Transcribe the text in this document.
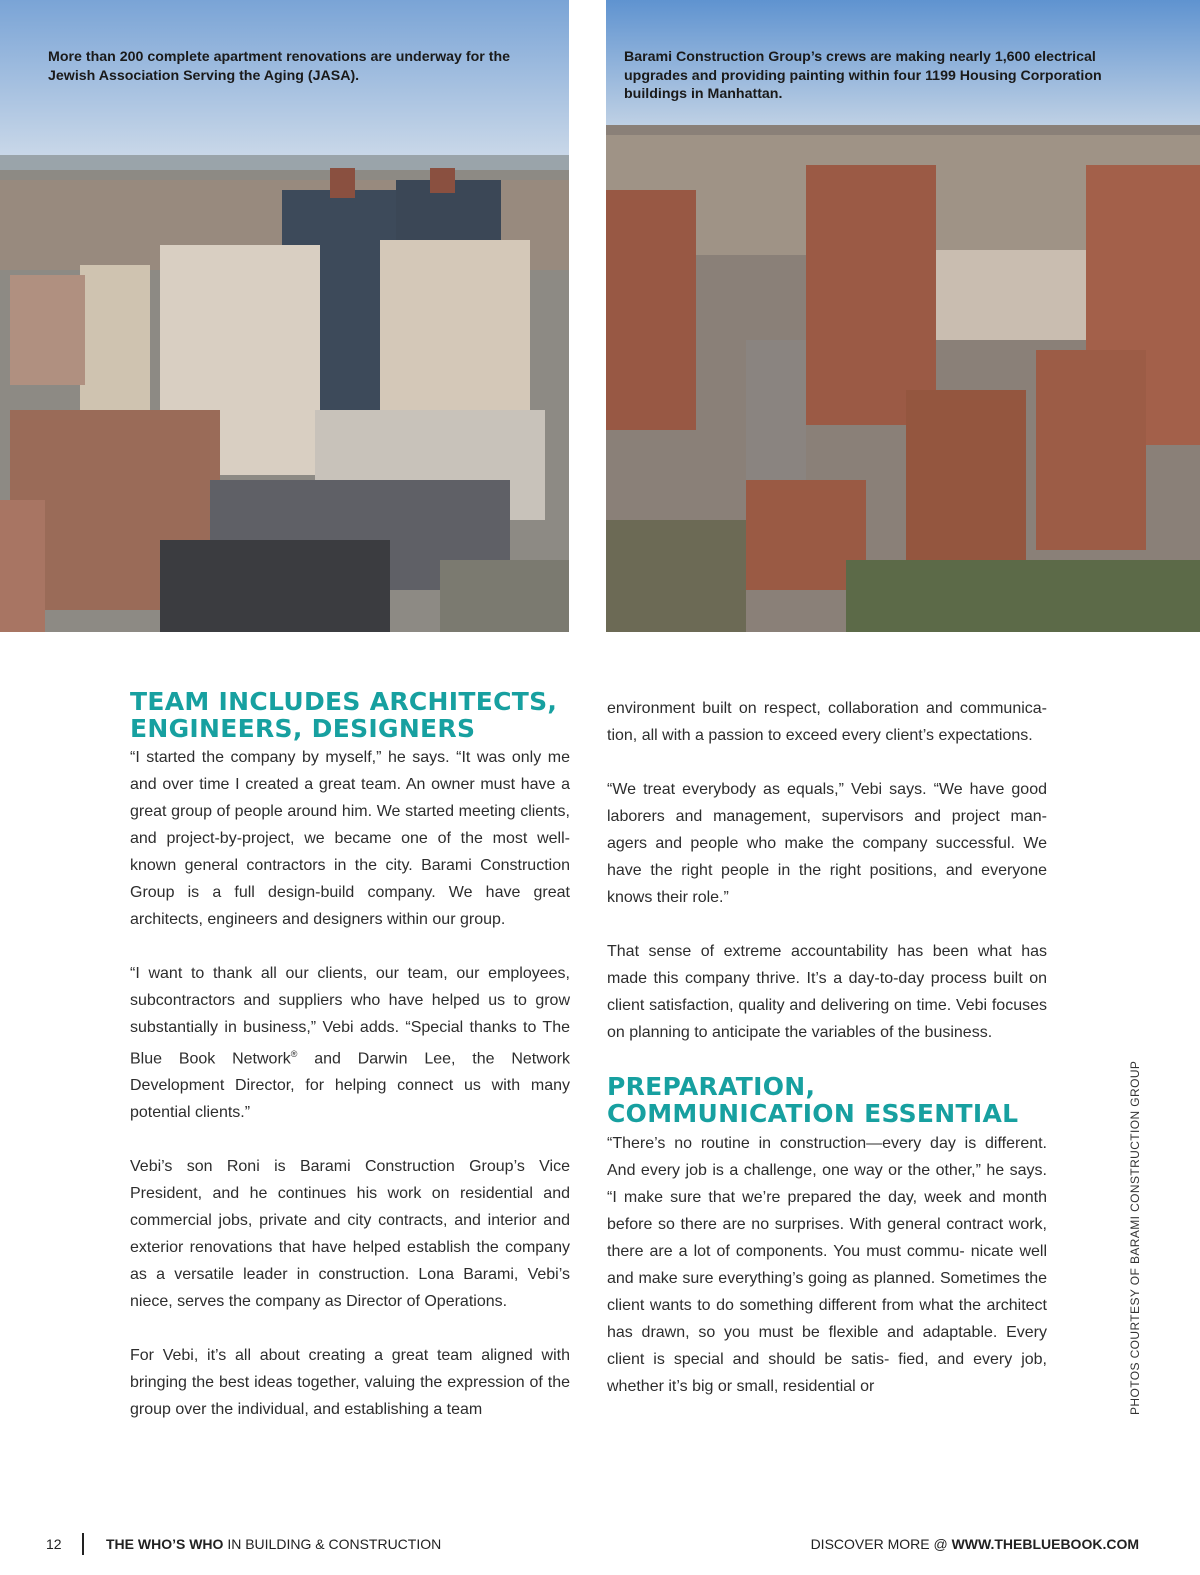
More than 200 complete apartment renovations are underway for the Jewish Association Serving the Aging (JASA).
Barami Construction Group’s crews are making nearly 1,600 electrical upgrades and providing painting within four 1199 Housing Corporation buildings in Manhattan.
TEAM INCLUDES ARCHITECTS,
ENGINEERS, DESIGNERS

“I started the company by myself,” he says. “It was only me and over time I created a great team. An owner must have a great group of people around him. We started meeting clients, and project-by-project, we became one of the most well-known general contractors in the city. Barami Construction Group is a full design-build company. We have great architects, engineers and designers within our group.

“I want to thank all our clients, our team, our employees, subcontractors and suppliers who have helped us to grow substantially in business,” Vebi adds. “Special thanks to The Blue Book Network® and Darwin Lee, the Network Development Director, for helping connect us with many potential clients.”

Vebi’s son Roni is Barami Construction Group’s Vice President, and he continues his work on residential and commercial jobs, private and city contracts, and interior and exterior renovations that have helped establish the company as a versatile leader in construction. Lona Barami, Vebi’s niece, serves the company as Director of Operations.

For Vebi, it’s all about creating a great team aligned with bringing the best ideas together, valuing the expression of the group over the individual, and establishing a team

environment built on respect, collaboration and communica- tion, all with a passion to exceed every client’s expectations.

“We treat everybody as equals,” Vebi says. “We have good laborers and management, supervisors and project man- agers and people who make the company successful. We have the right people in the right positions, and everyone knows their role.”

That sense of extreme accountability has been what has made this company thrive. It’s a day-to-day process built on client satisfaction, quality and delivering on time. Vebi focuses on planning to anticipate the variables of the business.

PREPARATION,
COMMUNICATION ESSENTIAL

“There’s no routine in construction—every day is different. And every job is a challenge, one way or the other,” he says. “I make sure that we’re prepared the day, week and month before so there are no surprises. With general contract work, there are a lot of components. You must commu- nicate well and make sure everything’s going as planned. Sometimes the client wants to do something different from what the architect has drawn, so you must be flexible and adaptable. Every client is special and should be satis- fied, and every job, whether it’s big or small, residential or	PHOTOS COURTESY OF BARAMI CONSTRUCTION GROUP
12	THE WHO’S WHO IN BUILDING & CONSTRUCTION	DISCOVER MORE @ WWW.THEBLUEBOOK.COM
